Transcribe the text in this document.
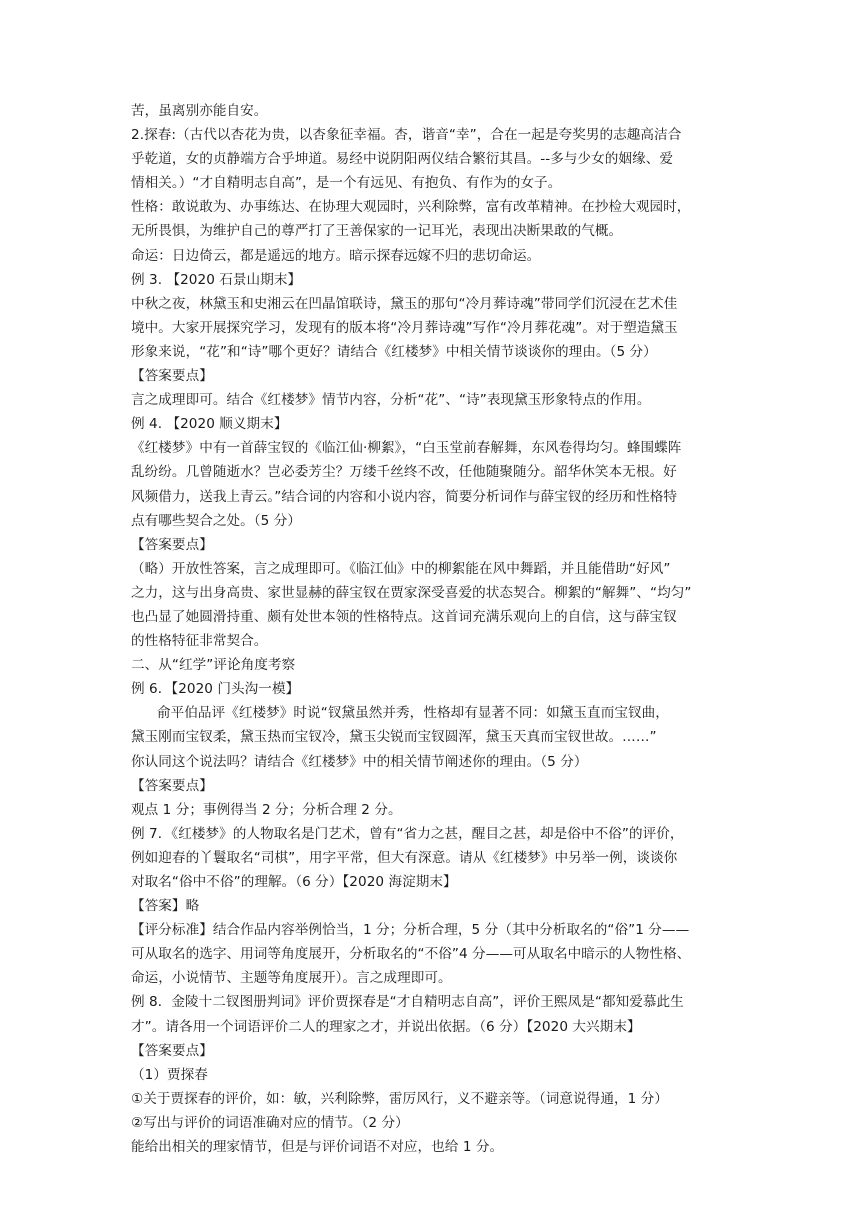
苦，虽离别亦能自安。
2.探春:（古代以杏花为贵，以杏象征幸福。杏，谐音“幸”，合在一起是夸奖男的志趣高洁合
乎乾道，女的贞静端方合乎坤道。易经中说阴阳两仪结合繁衍其昌。--多与少女的姻缘、爱
情相关。）“才自精明志自高”，是一个有远见、有抱负、有作为的女子。
性格：敢说敢为、办事练达、在协理大观园时，兴利除弊，富有改革精神。在抄检大观园时，
无所畏惧，为维护自己的尊严打了王善保家的一记耳光，表现出决断果敢的气概。
命运：日边倚云，都是遥远的地方。暗示探春远嫁不归的悲切命运。
例 3. 【2020 石景山期末】
中秋之夜，林黛玉和史湘云在凹晶馆联诗，黛玉的那句“冷月葬诗魂”带同学们沉浸在艺术佳
境中。大家开展探究学习，发现有的版本将“冷月葬诗魂”写作“冷月葬花魂”。对于塑造黛玉
形象来说，“花”和“诗”哪个更好？请结合《红楼梦》中相关情节谈谈你的理由。（5 分）
【答案要点】
言之成理即可。结合《红楼梦》情节内容，分析“花”、“诗”表现黛玉形象特点的作用。
例 4. 【2020 顺义期末】
《红楼梦》中有一首薛宝钗的《临江仙·柳絮》，“白玉堂前春解舞，东风卷得均匀。蜂围蝶阵
乱纷纷。几曾随逝水？岂必委芳尘？万缕千丝终不改，任他随聚随分。韶华休笑本无根。好
风频借力，送我上青云。”结合词的内容和小说内容，简要分析词作与薛宝钗的经历和性格特
点有哪些契合之处。（5 分）
【答案要点】
（略）开放性答案，言之成理即可。《临江仙》中的柳絮能在风中舞蹈，并且能借助“好风”
之力，这与出身高贵、家世显赫的薛宝钗在贾家深受喜爱的状态契合。柳絮的“解舞”、“均匀”
也凸显了她圆滑持重、颇有处世本领的性格特点。这首词充满乐观向上的自信，这与薛宝钗
的性格特征非常契合。
二、从“红学”评论角度考察
例 6．【2020 门头沟一模】
俞平伯品评《红楼梦》时说“钗黛虽然并秀，性格却有显著不同：如黛玉直而宝钗曲，
黛玉刚而宝钗柔，黛玉热而宝钗冷，黛玉尖锐而宝钗圆浑，黛玉天真而宝钗世故。……”
你认同这个说法吗？请结合《红楼梦》中的相关情节阐述你的理由。（5 分）
【答案要点】
观点 1 分；事例得当 2 分；分析合理 2 分。
例 7．《红楼梦》的人物取名是门艺术，曾有“省力之甚，醒目之甚，却是俗中不俗”的评价，
例如迎春的丫鬟取名“司棋”，用字平常，但大有深意。请从《红楼梦》中另举一例，谈谈你
对取名“俗中不俗”的理解。（6 分）【2020 海淀期末】
【答案】略
【评分标准】结合作品内容举例恰当，1 分；分析合理，5 分（其中分析取名的“俗”1 分——
可从取名的选字、用词等角度展开，分析取名的“不俗”4 分——可从取名中暗示的人物性格、
命运，小说情节、主题等角度展开）。言之成理即可。
例 8．金陵十二钗图册判词》评价贾探春是“才自精明志自高”，评价王熙凤是“都知爱慕此生
才”。请各用一个词语评价二人的理家之才，并说出依据。（6 分）【2020 大兴期末】
【答案要点】
（1）贾探春
①关于贾探春的评价，如：敏，兴利除弊，雷厉风行，义不避亲等。（词意说得通，1 分）
②写出与评价的词语准确对应的情节。（2 分）
能给出相关的理家情节，但是与评价词语不对应，也给 1 分。
